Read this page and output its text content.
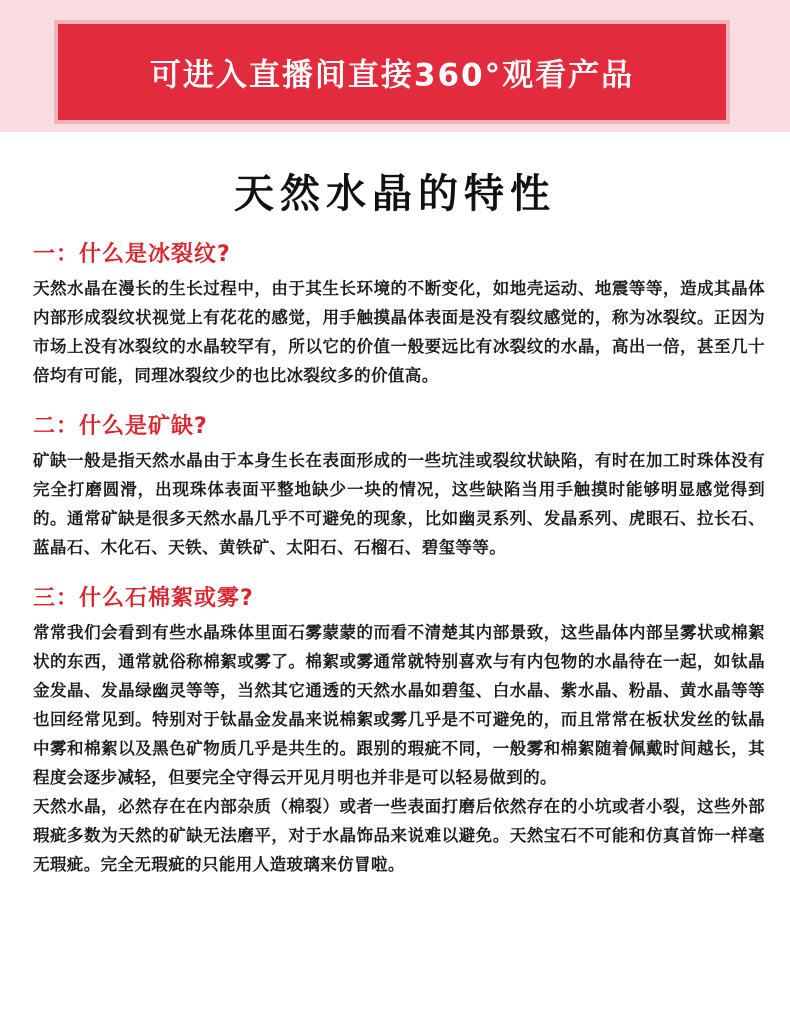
可进入直播间直接360°观看产品
天然水晶的特性
一：什么是冰裂纹?

天然水晶在漫长的生长过程中，由于其生长环境的不断变化，如地壳运动、地震等等，造成其晶体内部形成裂纹状视觉上有花花的感觉，用手触摸晶体表面是没有裂纹感觉的，称为冰裂纹。正因为市场上没有冰裂纹的水晶较罕有，所以它的价值一般要远比有冰裂纹的水晶，高出一倍，甚至几十倍均有可能，同理冰裂纹少的也比冰裂纹多的价值高。

二：什么是矿缺?

矿缺一般是指天然水晶由于本身生长在表面形成的一些坑洼或裂纹状缺陷，有时在加工时珠体没有完全打磨圆滑，出现珠体表面平整地缺少一块的情况，这些缺陷当用手触摸时能够明显感觉得到的。通常矿缺是很多天然水晶几乎不可避免的现象，比如幽灵系列、发晶系列、虎眼石、拉长石、蓝晶石、木化石、天铁、黄铁矿、太阳石、石榴石、碧玺等等。

三：什么石棉絮或雾?

常常我们会看到有些水晶珠体里面石雾蒙蒙的而看不清楚其内部景致，这些晶体内部呈雾状或棉絮状的东西，通常就俗称棉絮或雾了。棉絮或雾通常就特别喜欢与有内包物的水晶待在一起，如钛晶金发晶、发晶绿幽灵等等，当然其它通透的天然水晶如碧玺、白水晶、紫水晶、粉晶、黄水晶等等也回经常见到。特别对于钛晶金发晶来说棉絮或雾几乎是不可避免的，而且常常在板状发丝的钛晶中雾和棉絮以及黑色矿物质几乎是共生的。跟别的瑕疵不同，一般雾和棉絮随着佩戴时间越长，其程度会逐步减轻，但要完全守得云开见月明也并非是可以轻易做到的。

天然水晶，必然存在在内部杂质（棉裂）或者一些表面打磨后依然存在的小坑或者小裂，这些外部瑕疵多数为天然的矿缺无法磨平，对于水晶饰品来说难以避免。天然宝石不可能和仿真首饰一样毫无瑕疵。完全无瑕疵的只能用人造玻璃来仿冒啦。
